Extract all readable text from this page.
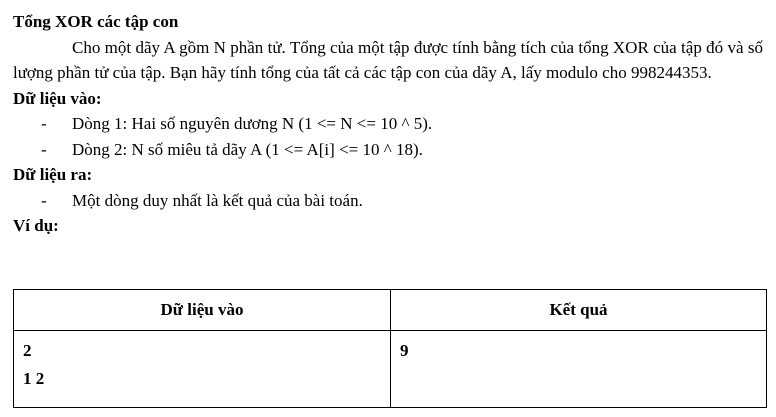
Tổng XOR các tập con
Cho một dãy A gồm N phần tử. Tổng của một tập được tính bằng tích của tổng XOR của tập đó và số lượng phần tử của tập. Bạn hãy tính tổng của tất cả các tập con của dãy A, lấy modulo cho 998244353.
Dữ liệu vào:
- Dòng 1: Hai số nguyên dương N (1 <= N <= 10 ^ 5).
- Dòng 2: N số miêu tả dãy A (1 <= A[i] <= 10 ^ 18).
Dữ liệu ra:
- Một dòng duy nhất là kết quả của bài toán.
Ví dụ:
Dữ liệu vào	Kết quả

2
1 2	9
